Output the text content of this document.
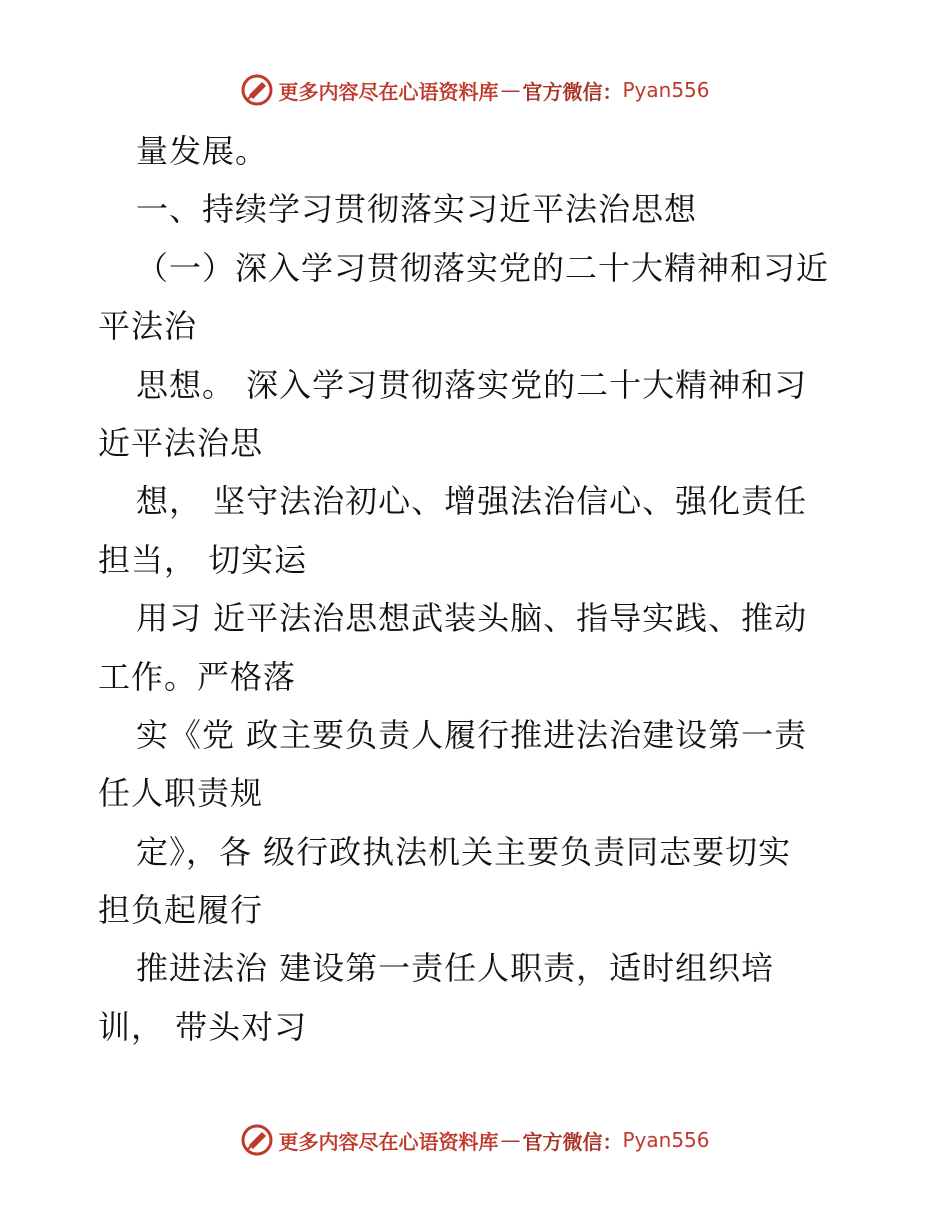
更多内容尽在心语资料库 — 官方微信： Pyan556
量发展。
一、持续学习贯彻落实习近平法治思想
（一）深入学习贯彻落实党的二十大精神和习近
平法治
思想。 深入学习贯彻落实党的二十大精神和习
近平法治思
想， 坚守法治初心、增强法治信心、强化责任
担当， 切实运
用习 近平法治思想武装头脑、指导实践、推动
工作。严格落
实《党 政主要负责人履行推进法治建设第一责
任人职责规
定》，各 级行政执法机关主要负责同志要切实
担负起履行
推进法治 建设第一责任人职责，适时组织培
训， 带头对习
更多内容尽在心语资料库 — 官方微信： Pyan556
